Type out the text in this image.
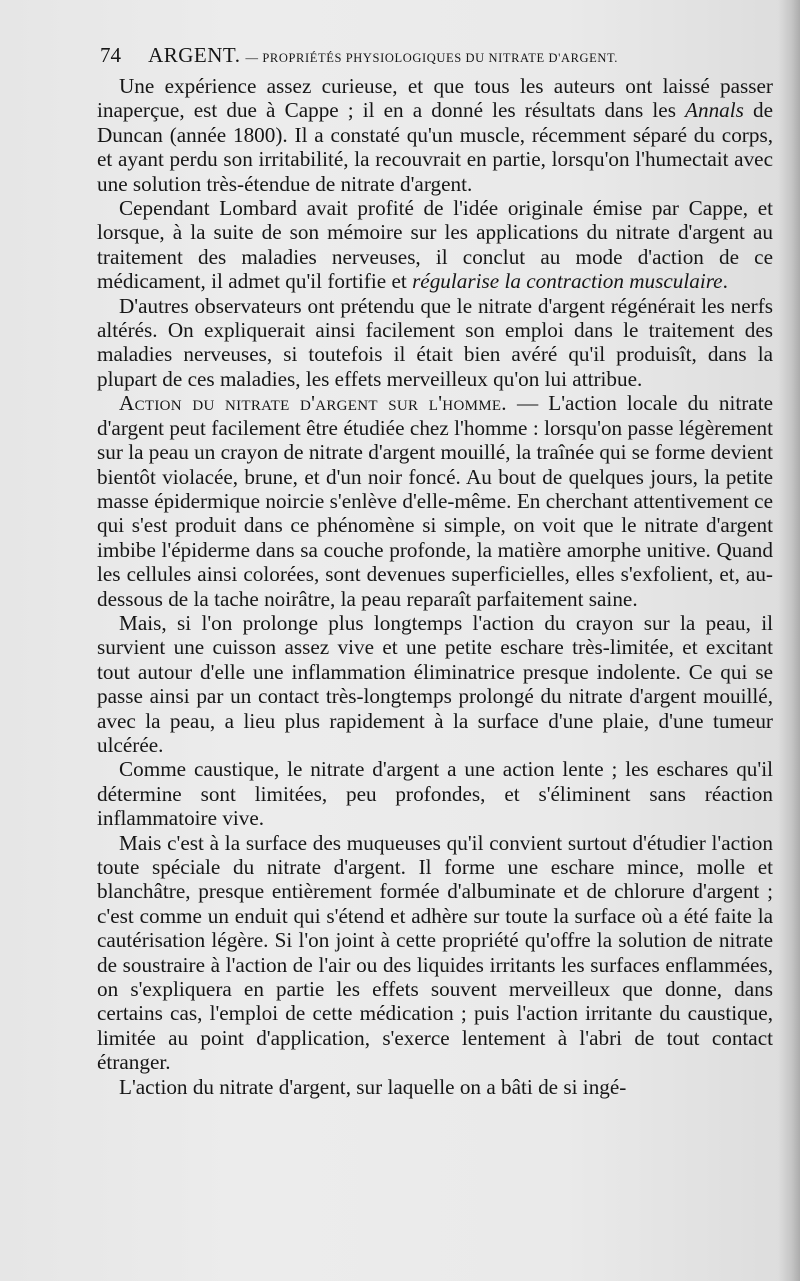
74 ARGENT. — PROPRIÉTÉS PHYSIOLOGIQUES DU NITRATE D'ARGENT.

Une expérience assez curieuse, et que tous les auteurs ont laissé passer inaperçue, est due à Cappe ; il en a donné les résultats dans les Annals de Duncan (année 1800). Il a constaté qu'un muscle, récemment séparé du corps, et ayant perdu son irritabilité, la recouvrait en partie, lorsqu'on l'humectait avec une solution très-étendue de nitrate d'argent.

Cependant Lombard avait profité de l'idée originale émise par Cappe, et lorsque, à la suite de son mémoire sur les applications du nitrate d'argent au traitement des maladies nerveuses, il conclut au mode d'action de ce médicament, il admet qu'il fortifie et régularise la contraction musculaire.

D'autres observateurs ont prétendu que le nitrate d'argent régénérait les nerfs altérés. On expliquerait ainsi facilement son emploi dans le traitement des maladies nerveuses, si toutefois il était bien avéré qu'il produisît, dans la plupart de ces maladies, les effets merveilleux qu'on lui attribue.

Action du nitrate d'argent sur l'homme. — L'action locale du nitrate d'argent peut facilement être étudiée chez l'homme : lorsqu'on passe légèrement sur la peau un crayon de nitrate d'argent mouillé, la traînée qui se forme devient bientôt violacée, brune, et d'un noir foncé. Au bout de quelques jours, la petite masse épidermique noircie s'enlève d'elle-même. En cherchant attentivement ce qui s'est produit dans ce phénomène si simple, on voit que le nitrate d'argent imbibe l'épiderme dans sa couche profonde, la matière amorphe unitive. Quand les cellules ainsi colorées, sont devenues superficielles, elles s'exfolient, et, au-dessous de la tache noirâtre, la peau reparaît parfaitement saine.

Mais, si l'on prolonge plus longtemps l'action du crayon sur la peau, il survient une cuisson assez vive et une petite eschare très-limitée, et excitant tout autour d'elle une inflammation éliminatrice presque indolente. Ce qui se passe ainsi par un contact très-longtemps prolongé du nitrate d'argent mouillé, avec la peau, a lieu plus rapidement à la surface d'une plaie, d'une tumeur ulcérée.

Comme caustique, le nitrate d'argent a une action lente ; les eschares qu'il détermine sont limitées, peu profondes, et s'éliminent sans réaction inflammatoire vive.

Mais c'est à la surface des muqueuses qu'il convient surtout d'étudier l'action toute spéciale du nitrate d'argent. Il forme une eschare mince, molle et blanchâtre, presque entièrement formée d'albuminate et de chlorure d'argent ; c'est comme un enduit qui s'étend et adhère sur toute la surface où a été faite la cautérisation légère. Si l'on joint à cette propriété qu'offre la solution de nitrate de soustraire à l'action de l'air ou des liquides irritants les surfaces enflammées, on s'expliquera en partie les effets souvent merveilleux que donne, dans certains cas, l'emploi de cette médication ; puis l'action irritante du caustique, limitée au point d'application, s'exerce lentement à l'abri de tout contact étranger.

L'action du nitrate d'argent, sur laquelle on a bâti de si ingé-
